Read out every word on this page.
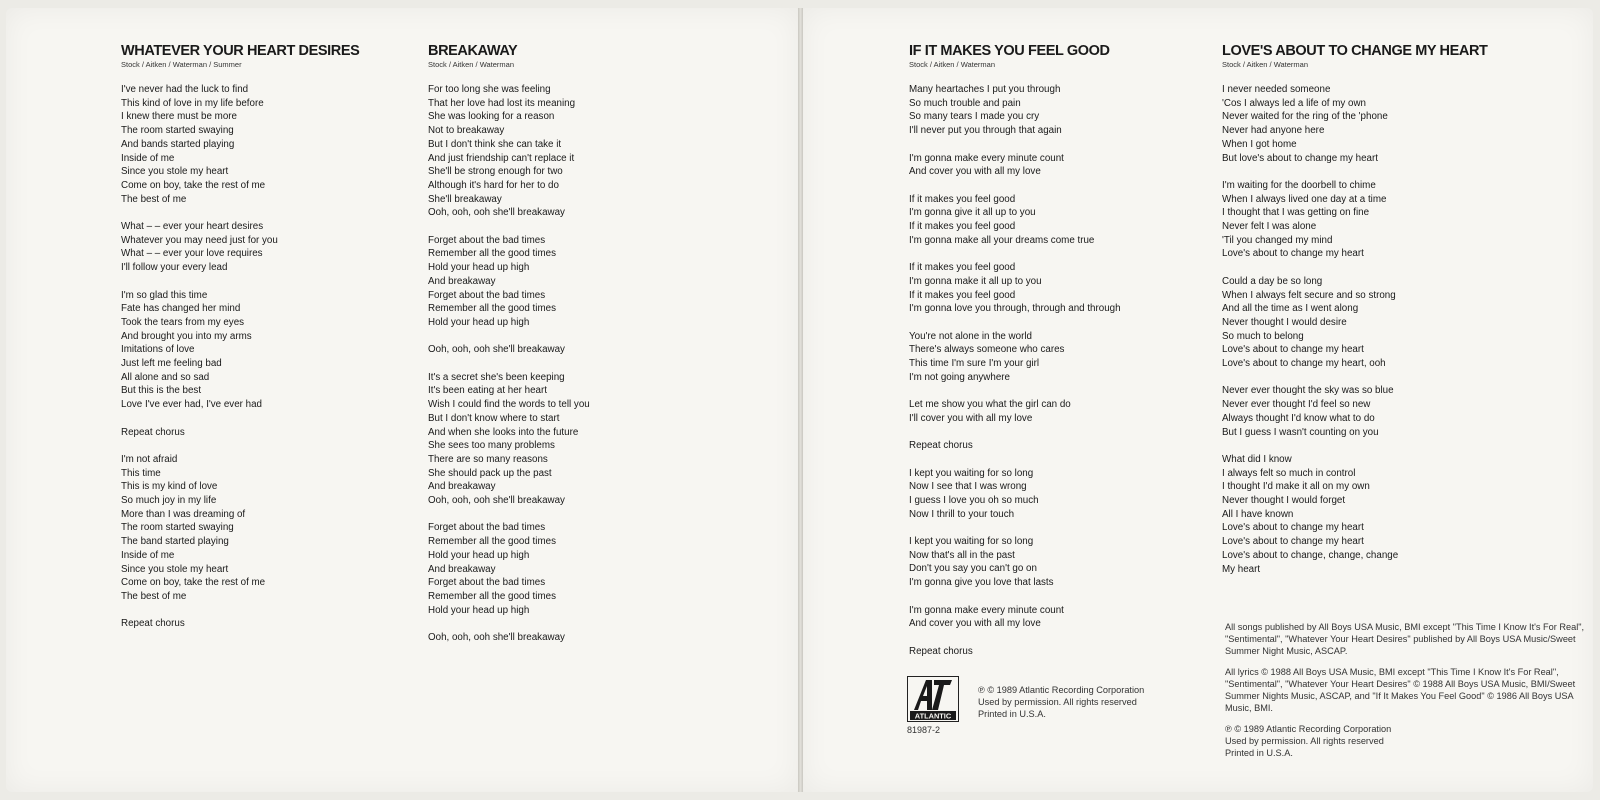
WHATEVER YOUR HEART DESIRES
Stock / Aitken / Waterman / Summer
I've never had the luck to find
This kind of love in my life before
I knew there must be more
The room started swaying
And bands started playing
Inside of me
Since you stole my heart
Come on boy, take the rest of me
The best of me
What – – ever your heart desires
Whatever you may need just for you
What – – ever your love requires
I'll follow your every lead
I'm so glad this time
Fate has changed her mind
Took the tears from my eyes
And brought you into my arms
Imitations of love
Just left me feeling bad
All alone and so sad
But this is the best
Love I've ever had, I've ever had
Repeat chorus
I'm not afraid
This time
This is my kind of love
So much joy in my life
More than I was dreaming of
The room started swaying
The band started playing
Inside of me
Since you stole my heart
Come on boy, take the rest of me
The best of me
Repeat chorus
BREAKAWAY
Stock / Aitken / Waterman
For too long she was feeling
That her love had lost its meaning
She was looking for a reason
Not to breakaway
But I don't think she can take it
And just friendship can't replace it
She'll be strong enough for two
Although it's hard for her to do
She'll breakaway
Ooh, ooh, ooh she'll breakaway
Forget about the bad times
Remember all the good times
Hold your head up high
And breakaway
Forget about the bad times
Remember all the good times
Hold your head up high
Ooh, ooh, ooh she'll breakaway
It's a secret she's been keeping
It's been eating at her heart
Wish I could find the words to tell you
But I don't know where to start
And when she looks into the future
She sees too many problems
There are so many reasons
She should pack up the past
And breakaway
Ooh, ooh, ooh she'll breakaway
Forget about the bad times
Remember all the good times
Hold your head up high
And breakaway
Forget about the bad times
Remember all the good times
Hold your head up high
Ooh, ooh, ooh she'll breakaway
IF IT MAKES YOU FEEL GOOD
Stock / Aitken / Waterman
Many heartaches I put you through
So much trouble and pain
So many tears I made you cry
I'll never put you through that again
I'm gonna make every minute count
And cover you with all my love
If it makes you feel good
I'm gonna give it all up to you
If it makes you feel good
I'm gonna make all your dreams come true
If it makes you feel good
I'm gonna make it all up to you
If it makes you feel good
I'm gonna love you through, through and through
You're not alone in the world
There's always someone who cares
This time I'm sure I'm your girl
I'm not going anywhere
Let me show you what the girl can do
I'll cover you with all my love
Repeat chorus
I kept you waiting for so long
Now I see that I was wrong
I guess I love you oh so much
Now I thrill to your touch
I kept you waiting for so long
Now that's all in the past
Don't you say you can't go on
I'm gonna give you love that lasts
I'm gonna make every minute count
And cover you with all my love
Repeat chorus
LOVE'S ABOUT TO CHANGE MY HEART
Stock / Aitken / Waterman
I never needed someone
'Cos I always led a life of my own
Never waited for the ring of the 'phone
Never had anyone here
When I got home
But love's about to change my heart
I'm waiting for the doorbell to chime
When I always lived one day at a time
I thought that I was getting on fine
Never felt I was alone
'Til you changed my mind
Love's about to change my heart
Could a day be so long
When I always felt secure and so strong
And all the time as I went along
Never thought I would desire
So much to belong
Love's about to change my heart
Love's about to change my heart, ooh
Never ever thought the sky was so blue
Never ever thought I'd feel so new
Always thought I'd know what to do
But I guess I wasn't counting on you
What did I know
I always felt so much in control
I thought I'd make it all on my own
Never thought I would forget
All I have known
Love's about to change my heart
Love's about to change my heart
Love's about to change, change, change
My heart
ATLANTIC
81987-2
℗ © 1989 Atlantic Recording Corporation
Used by permission. All rights reserved
Printed in U.S.A.

All songs published by All Boys USA Music, BMI except "This Time I Know It's For Real", "Sentimental", "Whatever Your Heart Desires" published by All Boys USA Music/Sweet Summer Night Music, ASCAP.

All lyrics © 1988 All Boys USA Music, BMI except "This Time I Know It's For Real", "Sentimental", "Whatever Your Heart Desires" © 1988 All Boys USA Music, BMI/Sweet Summer Nights Music, ASCAP, and "If It Makes You Feel Good" © 1986 All Boys USA Music, BMI.

℗ © 1989 Atlantic Recording Corporation
Used by permission. All rights reserved
Printed in U.S.A.
